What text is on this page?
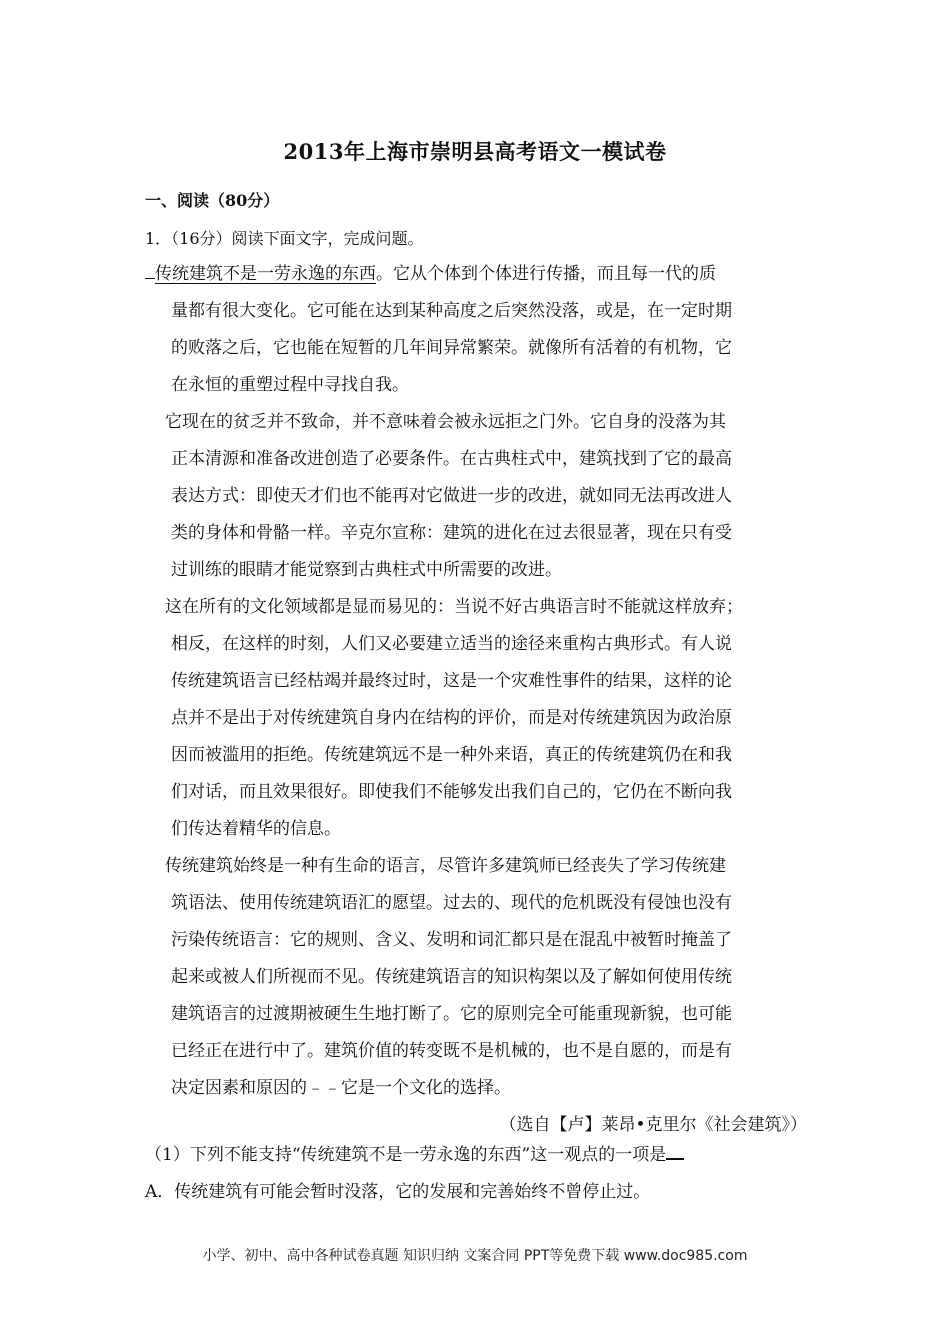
2013年上海市崇明县高考语文一模试卷
一、阅读（80分）
1．（16分）阅读下面文字，完成问题。

传统建筑不是一劳永逸的东西。它从个体到个体进行传播，而且每一代的质
量都有很大变化。它可能在达到某种高度之后突然没落，或是，在一定时期
的败落之后，它也能在短暂的几年间异常繁荣。就像所有活着的有机物，它
在永恒的重塑过程中寻找自我。

它现在的贫乏并不致命，并不意味着会被永远拒之门外。它自身的没落为其
正本清源和准备改进创造了必要条件。在古典柱式中，建筑找到了它的最高
表达方式：即使天才们也不能再对它做进一步的改进，就如同无法再改进人
类的身体和骨骼一样。辛克尔宣称：建筑的进化在过去很显著，现在只有受
过训练的眼睛才能觉察到古典柱式中所需要的改进。

这在所有的文化领域都是显而易见的：当说不好古典语言时不能就这样放弃；
相反，在这样的时刻，人们又必要建立适当的途径来重构古典形式。有人说
传统建筑语言已经枯竭并最终过时，这是一个灾难性事件的结果，这样的论
点并不是出于对传统建筑自身内在结构的评价，而是对传统建筑因为政治原
因而被滥用的拒绝。传统建筑远不是一种外来语，真正的传统建筑仍在和我
们对话，而且效果很好。即使我们不能够发出我们自己的，它仍在不断向我
们传达着精华的信息。

传统建筑始终是一种有生命的语言，尽管许多建筑师已经丧失了学习传统建
筑语法、使用传统建筑语汇的愿望。过去的、现代的危机既没有侵蚀也没有
污染传统语言：它的规则、含义、发明和词汇都只是在混乱中被暂时掩盖了
起来或被人们所视而不见。传统建筑语言的知识构架以及了解如何使用传统
建筑语言的过渡期被硬生生地打断了。它的原则完全可能重现新貌，也可能
已经正在进行中了。建筑价值的转变既不是机械的，也不是自愿的，而是有
决定因素和原因的﹣﹣它是一个文化的选择。

（选自【卢】莱昂•克里尔《社会建筑》）
（1）下列不能支持“传统建筑不是一劳永逸的东西”这一观点的一项是
A．传统建筑有可能会暂时没落，它的发展和完善始终不曾停止过。
小学、初中、高中各种试卷真题 知识归纳 文案合同 PPT等免费下载 www.doc985.com
